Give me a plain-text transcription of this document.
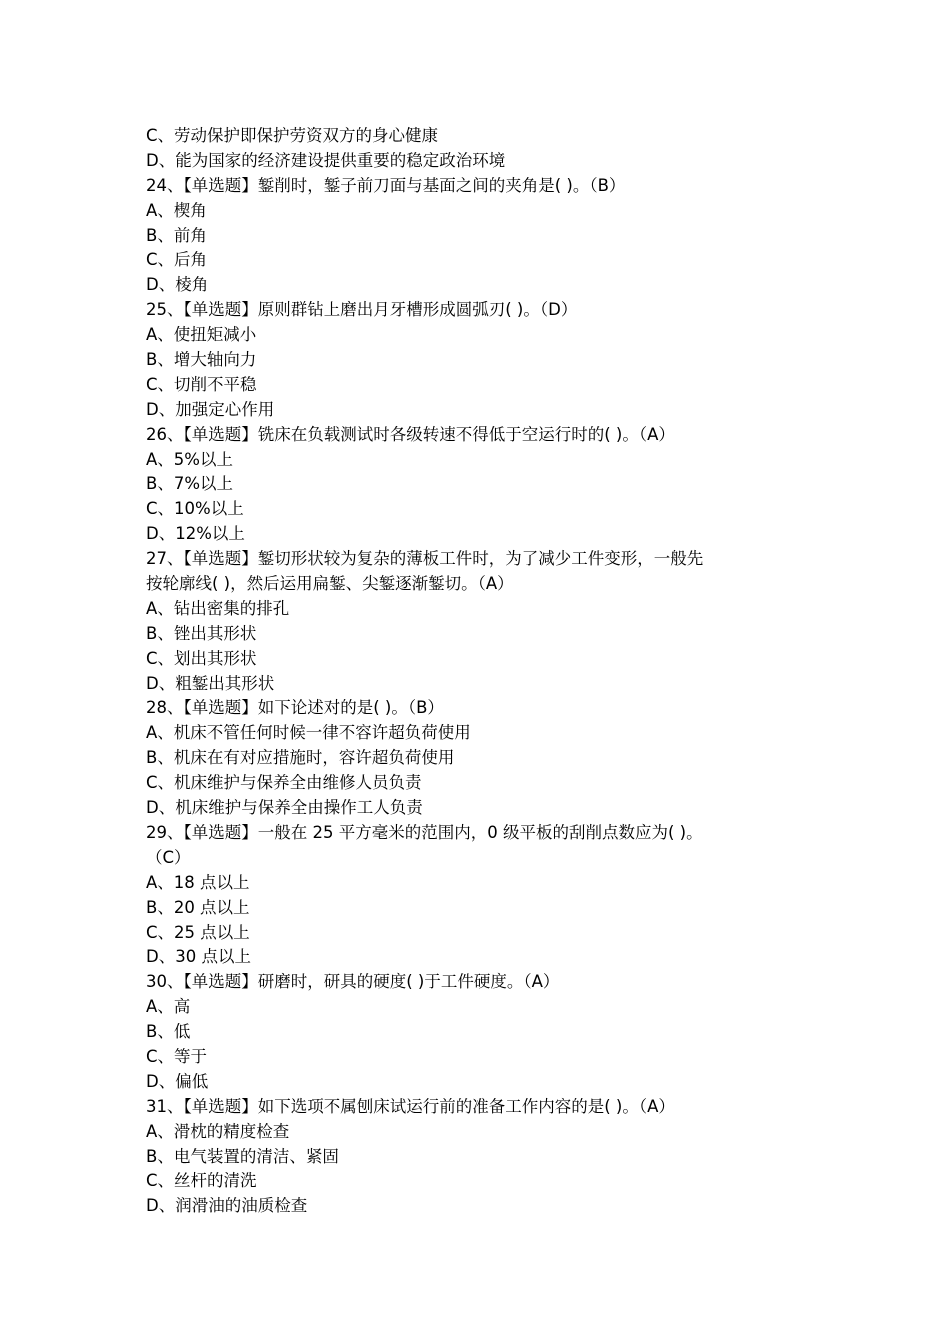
C、劳动保护即保护劳资双方的身心健康
D、能为国家的经济建设提供重要的稳定政治环境
24、【单选题】錾削时，錾子前刀面与基面之间的夹角是( )。（B）
A、楔角
B、前角
C、后角
D、棱角
25、【单选题】原则群钻上磨出月牙槽形成圆弧刃( )。（D）
A、使扭矩减小
B、增大轴向力
C、切削不平稳
D、加强定心作用
26、【单选题】铣床在负载测试时各级转速不得低于空运行时的( )。（A）
A、5%以上
B、7%以上
C、10%以上
D、12%以上
27、【单选题】錾切形状较为复杂的薄板工件时，为了减少工件变形，一般先
按轮廓线( )，然后运用扁錾、尖錾逐渐錾切。（A）
A、钻出密集的排孔
B、锉出其形状
C、划出其形状
D、粗錾出其形状
28、【单选题】如下论述对的是( )。（B）
A、机床不管任何时候一律不容许超负荷使用
B、机床在有对应措施时，容许超负荷使用
C、机床维护与保养全由维修人员负责
D、机床维护与保养全由操作工人负责
29、【单选题】一般在 25 平方毫米的范围内，0 级平板的刮削点数应为( )。
（C）
A、18 点以上
B、20 点以上
C、25 点以上
D、30 点以上
30、【单选题】研磨时，研具的硬度( )于工件硬度。（A）
A、高
B、低
C、等于
D、偏低
31、【单选题】如下选项不属刨床试运行前的准备工作内容的是( )。（A）
A、滑枕的精度检查
B、电气装置的清洁、紧固
C、丝杆的清洗
D、润滑油的油质检查
